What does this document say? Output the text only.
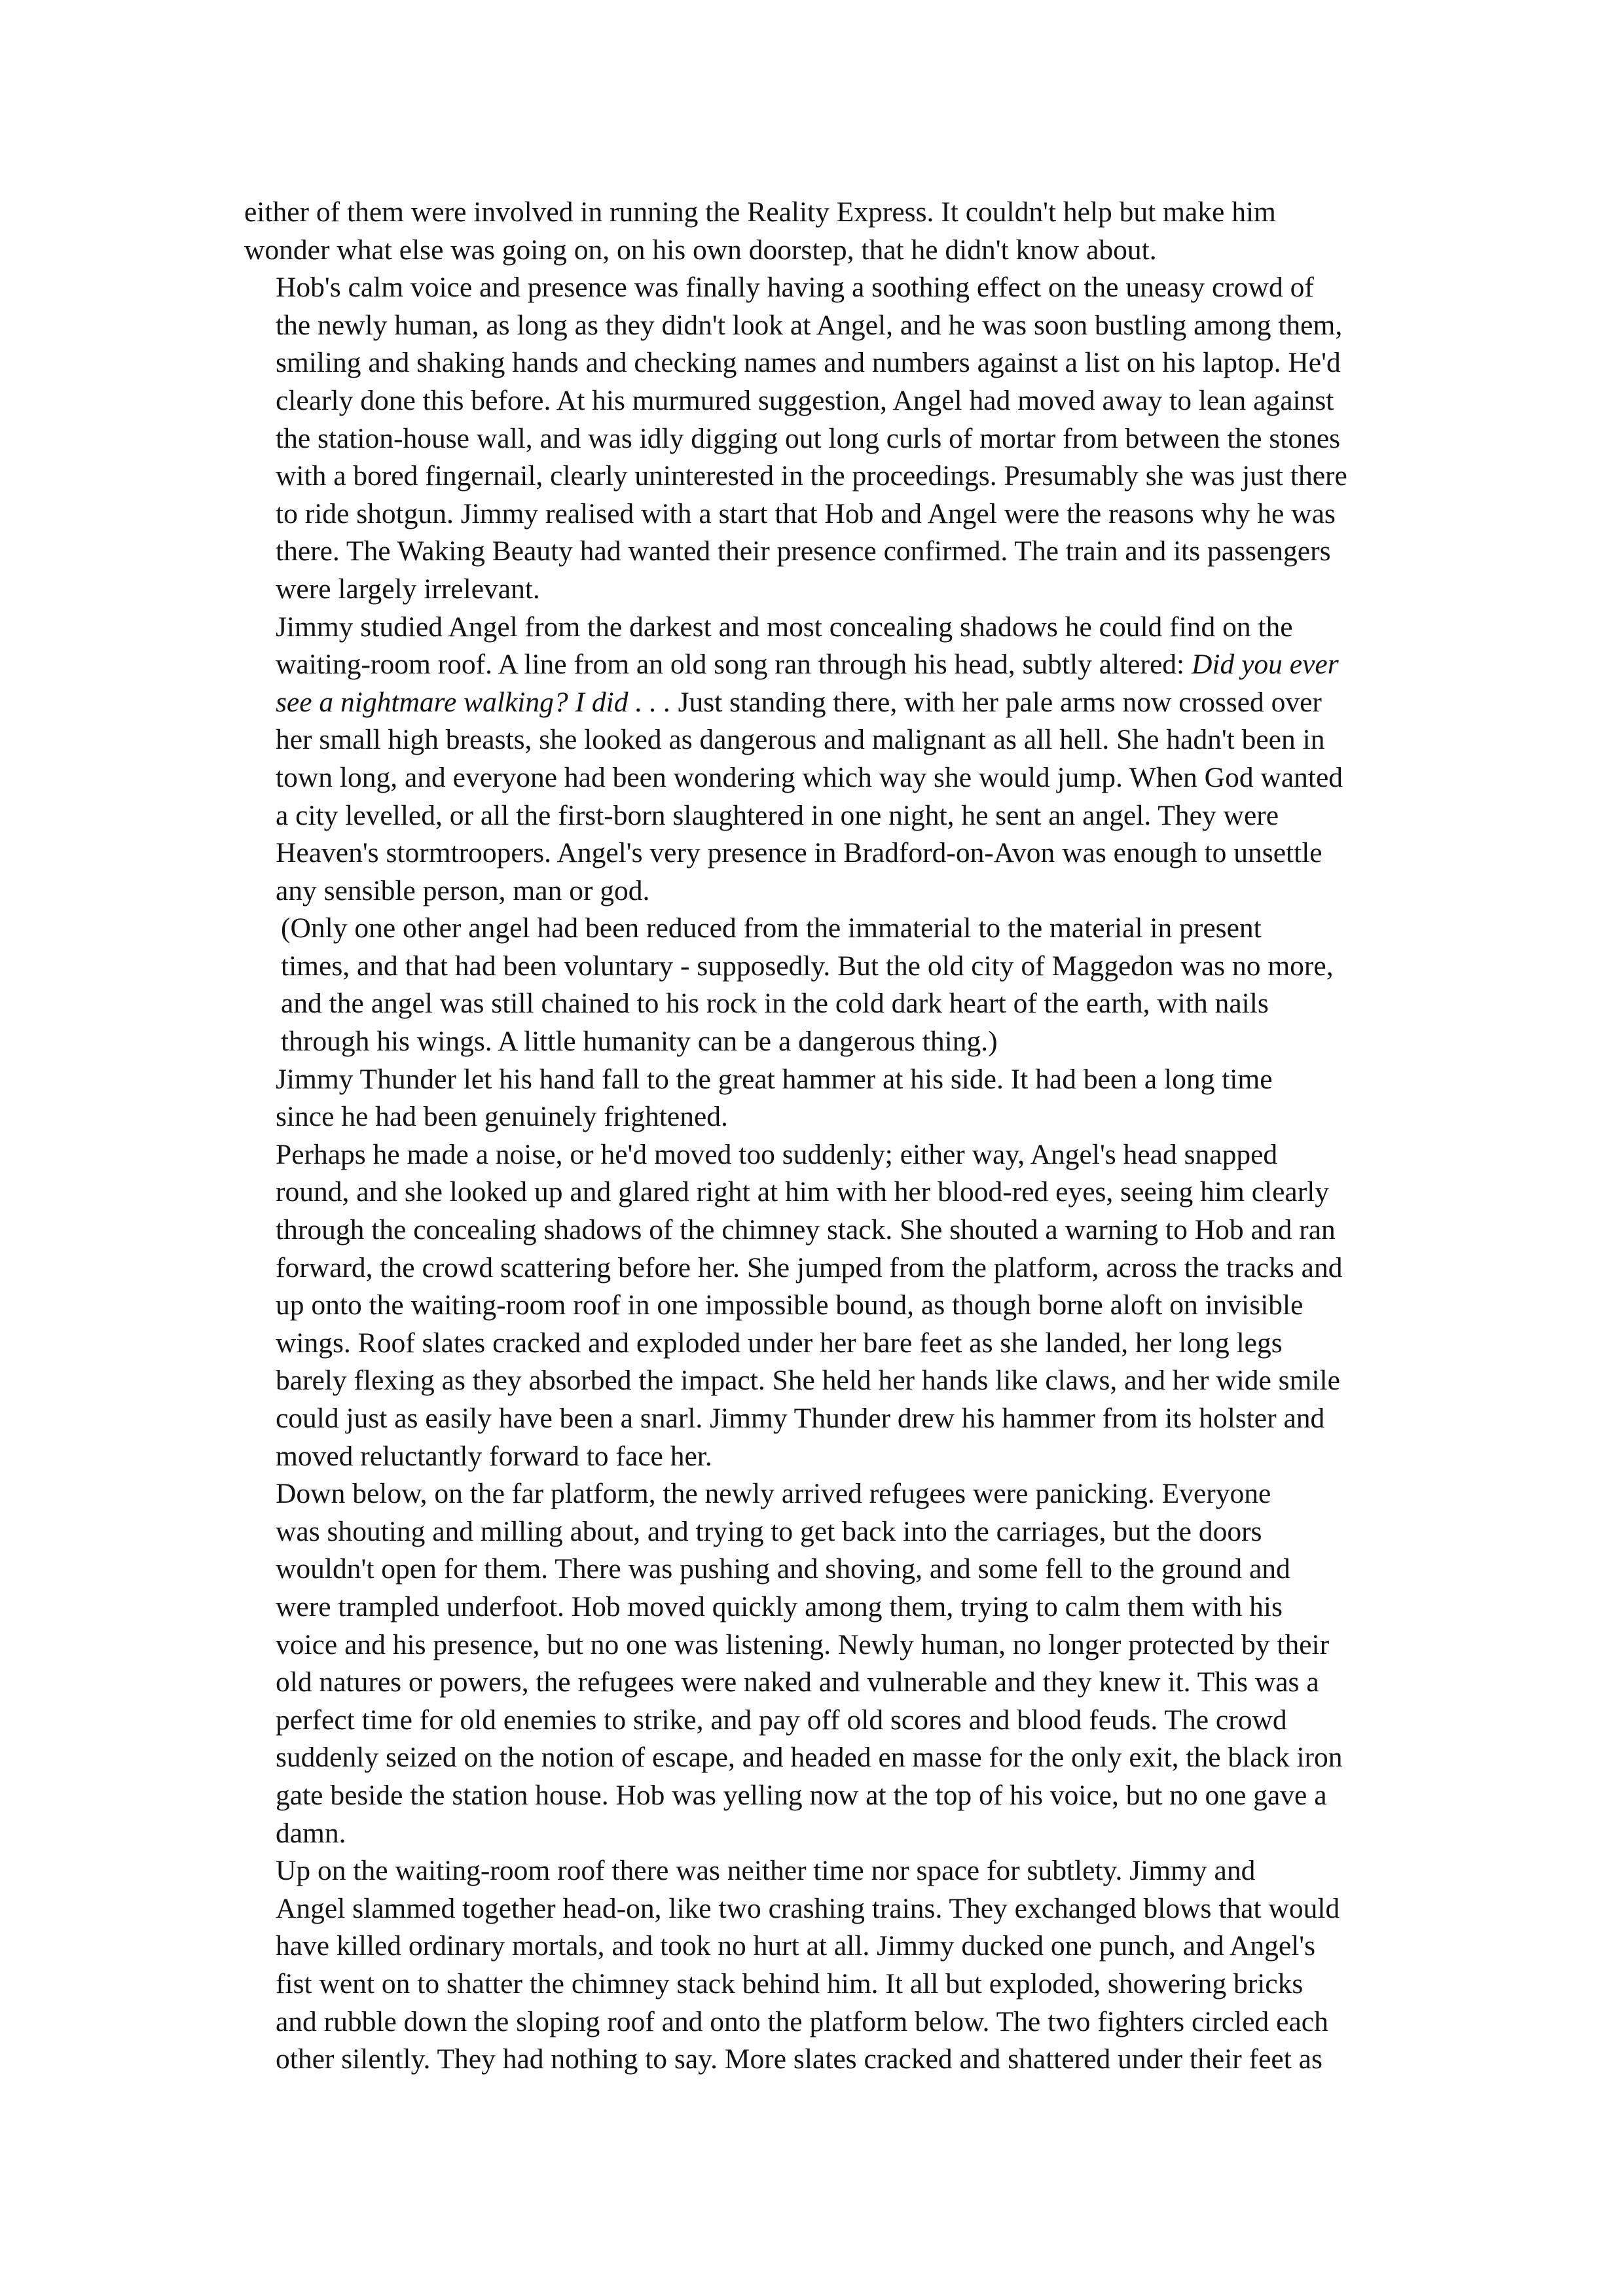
either of them were involved in running the Reality Express. It couldn't help but make him
wonder what else was going on, on his own doorstep, that he didn't know about.

Hob's calm voice and presence was finally having a soothing effect on the uneasy crowd of
the newly human, as long as they didn't look at Angel, and he was soon bustling among them,
smiling and shaking hands and checking names and numbers against a list on his laptop. He'd
clearly done this before. At his murmured suggestion, Angel had moved away to lean against
the station-house wall, and was idly digging out long curls of mortar from between the stones
with a bored fingernail, clearly uninterested in the proceedings. Presumably she was just there
to ride shotgun. Jimmy realised with a start that Hob and Angel were the reasons why he was
there. The Waking Beauty had wanted their presence confirmed. The train and its passengers
were largely irrelevant.

Jimmy studied Angel from the darkest and most concealing shadows he could find on the
waiting-room roof. A line from an old song ran through his head, subtly altered: Did you ever
see a nightmare walking? I did . . . Just standing there, with her pale arms now crossed over
her small high breasts, she looked as dangerous and malignant as all hell. She hadn't been in
town long, and everyone had been wondering which way she would jump. When God wanted
a city levelled, or all the first-born slaughtered in one night, he sent an angel. They were
Heaven's stormtroopers. Angel's very presence in Bradford-on-Avon was enough to unsettle
any sensible person, man or god.

(Only one other angel had been reduced from the immaterial to the material in present
times, and that had been voluntary - supposedly. But the old city of Maggedon was no more,
and the angel was still chained to his rock in the cold dark heart of the earth, with nails
through his wings. A little humanity can be a dangerous thing.)

Jimmy Thunder let his hand fall to the great hammer at his side. It had been a long time
since he had been genuinely frightened.

Perhaps he made a noise, or he'd moved too suddenly; either way, Angel's head snapped
round, and she looked up and glared right at him with her blood-red eyes, seeing him clearly
through the concealing shadows of the chimney stack. She shouted a warning to Hob and ran
forward, the crowd scattering before her. She jumped from the platform, across the tracks and
up onto the waiting-room roof in one impossible bound, as though borne aloft on invisible
wings. Roof slates cracked and exploded under her bare feet as she landed, her long legs
barely flexing as they absorbed the impact. She held her hands like claws, and her wide smile
could just as easily have been a snarl. Jimmy Thunder drew his hammer from its holster and
moved reluctantly forward to face her.

Down below, on the far platform, the newly arrived refugees were panicking. Everyone
was shouting and milling about, and trying to get back into the carriages, but the doors
wouldn't open for them. There was pushing and shoving, and some fell to the ground and
were trampled underfoot. Hob moved quickly among them, trying to calm them with his
voice and his presence, but no one was listening. Newly human, no longer protected by their
old natures or powers, the refugees were naked and vulnerable and they knew it. This was a
perfect time for old enemies to strike, and pay off old scores and blood feuds. The crowd
suddenly seized on the notion of escape, and headed en masse for the only exit, the black iron
gate beside the station house. Hob was yelling now at the top of his voice, but no one gave a
damn.

Up on the waiting-room roof there was neither time nor space for subtlety. Jimmy and
Angel slammed together head-on, like two crashing trains. They exchanged blows that would
have killed ordinary mortals, and took no hurt at all. Jimmy ducked one punch, and Angel's
fist went on to shatter the chimney stack behind him. It all but exploded, showering bricks
and rubble down the sloping roof and onto the platform below. The two fighters circled each
other silently. They had nothing to say. More slates cracked and shattered under their feet as
